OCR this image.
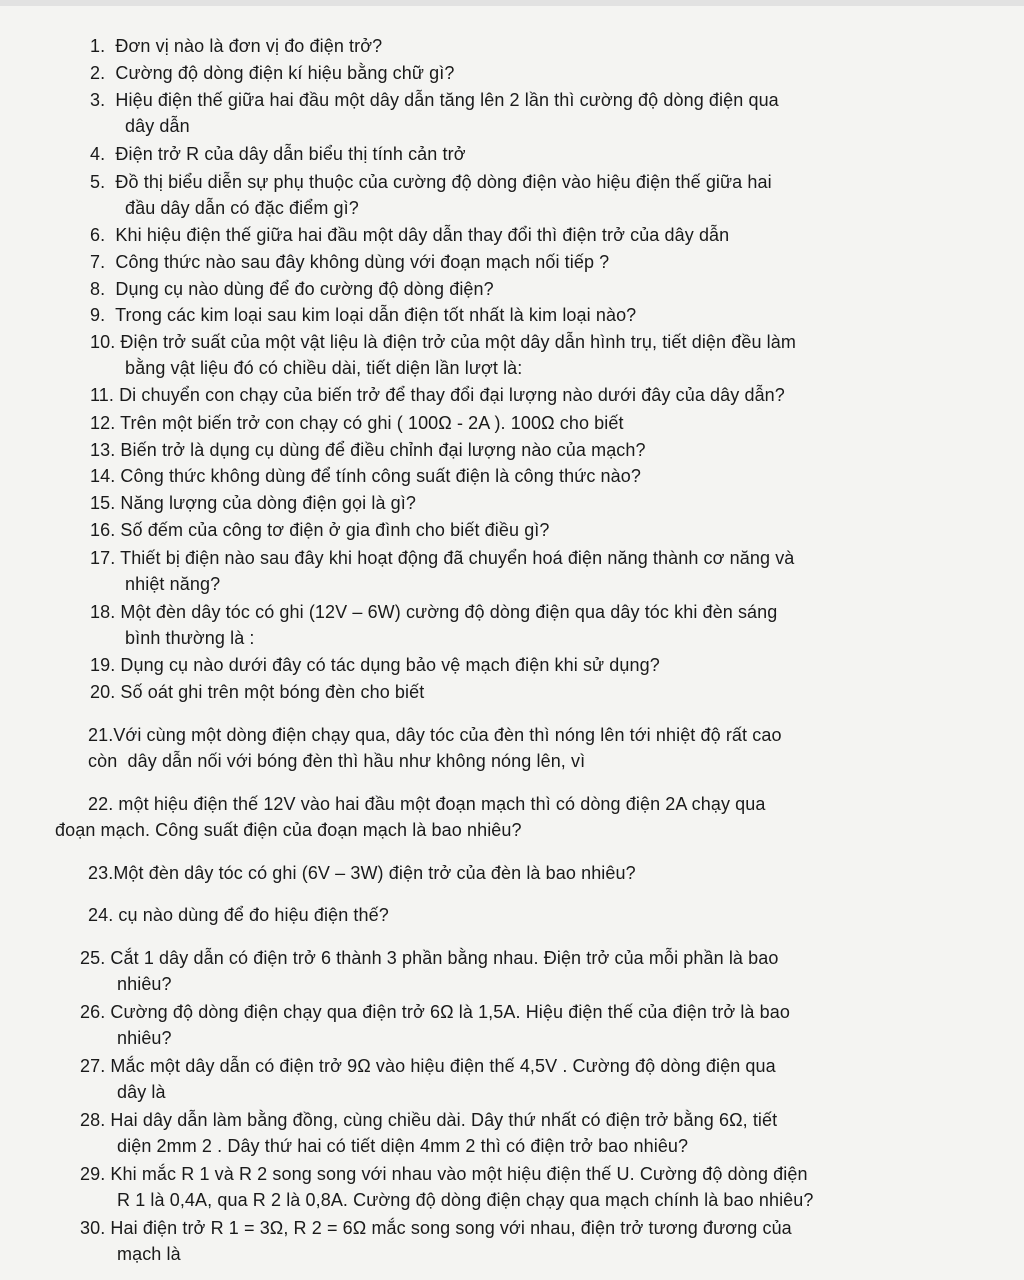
1.  Đơn vị nào là đơn vị đo điện trở?
2.  Cường độ dòng điện kí hiệu bằng chữ gì?
3.  Hiệu điện thế giữa hai đầu một dây dẫn tăng lên 2 lần thì cường độ dòng điện qua
dây dẫn
4.  Điện trở R của dây dẫn biểu thị tính cản trở
5.  Đồ thị biểu diễn sự phụ thuộc của cường độ dòng điện vào hiệu điện thế giữa hai
đầu dây dẫn có đặc điểm gì?
6.  Khi hiệu điện thế giữa hai đầu một dây dẫn thay đổi thì điện trở của dây dẫn
7.  Công thức nào sau đây không dùng với đoạn mạch nối tiếp ?
8.  Dụng cụ nào dùng để đo cường độ dòng điện?
9.  Trong các kim loại sau kim loại dẫn điện tốt nhất là kim loại nào?
10. Điện trở suất của một vật liệu là điện trở của một dây dẫn hình trụ, tiết diện đều làm
bằng vật liệu đó có chiều dài, tiết diện lần lượt là:
11. Di chuyển con chạy của biến trở để thay đổi đại lượng nào dưới đây của dây dẫn?
12. Trên một biến trở con chạy có ghi ( 100Ω - 2A ). 100Ω cho biết
13. Biến trở là dụng cụ dùng để điều chỉnh đại lượng nào của mạch?
14. Công thức không dùng để tính công suất điện là công thức nào?
15. Năng lượng của dòng điện gọi là gì?
16. Số đếm của công tơ điện ở gia đình cho biết điều gì?
17. Thiết bị điện nào sau đây khi hoạt động đã chuyển hoá điện năng thành cơ năng và
nhiệt năng?
18. Một đèn dây tóc có ghi (12V – 6W) cường độ dòng điện qua dây tóc khi đèn sáng
bình thường là :
19. Dụng cụ nào dưới đây có tác dụng bảo vệ mạch điện khi sử dụng?
20. Số oát ghi trên một bóng đèn cho biết
21.Với cùng một dòng điện chạy qua, dây tóc của đèn thì nóng lên tới nhiệt độ rất cao
còn  dây dẫn nối với bóng đèn thì hầu như không nóng lên, vì
22. một hiệu điện thế 12V vào hai đầu một đoạn mạch thì có dòng điện 2A chạy qua
đoạn mạch. Công suất điện của đoạn mạch là bao nhiêu?
23.Một đèn dây tóc có ghi (6V – 3W) điện trở của đèn là bao nhiêu?
24. cụ nào dùng để đo hiệu điện thế?
25. Cắt 1 dây dẫn có điện trở 6 thành 3 phần bằng nhau. Điện trở của mỗi phần là bao
nhiêu?
26. Cường độ dòng điện chạy qua điện trở 6Ω là 1,5A. Hiệu điện thế của điện trở là bao
nhiêu?
27. Mắc một dây dẫn có điện trở 9Ω vào hiệu điện thế 4,5V . Cường độ dòng điện qua
dây là
28. Hai dây dẫn làm bằng đồng, cùng chiều dài. Dây thứ nhất có điện trở bằng 6Ω, tiết
diện 2mm 2 . Dây thứ hai có tiết diện 4mm 2 thì có điện trở bao nhiêu?
29. Khi mắc R 1 và R 2 song song với nhau vào một hiệu điện thế U. Cường độ dòng điện
R 1 là 0,4A, qua R 2 là 0,8A. Cường độ dòng điện chạy qua mạch chính là bao nhiêu?
30. Hai điện trở R 1 = 3Ω, R 2 = 6Ω mắc song song với nhau, điện trở tương đương của
mạch là
